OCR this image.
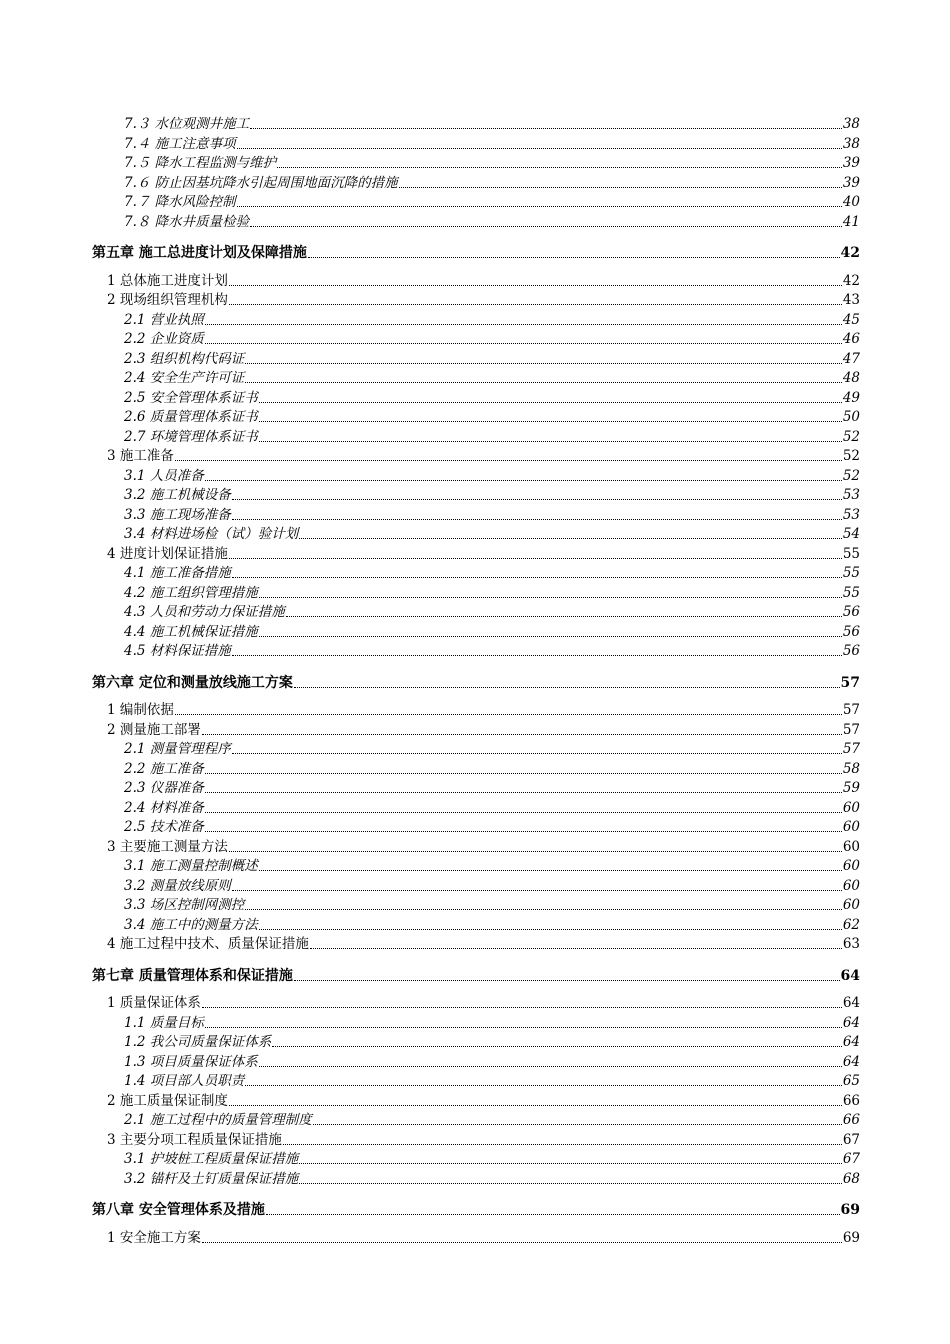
7.３ 水位观测井施工	38
7.４ 施工注意事项	38
7.５ 降水工程监测与维护	39
7.６ 防止因基坑降水引起周围地面沉降的措施	39
7.７ 降水风险控制	40
7.８ 降水井质量检验	41
第五章 施工总进度计划及保障措施	42
1 总体施工进度计划	42
2 现场组织管理机构	43
2.1 营业执照	45
2.2 企业资质	46
2.3 组织机构代码证	47
2.4 安全生产许可证	48
2.5 安全管理体系证书	49
2.6 质量管理体系证书	50
2.7 环境管理体系证书	52
3 施工准备	52
3.1 人员准备	52
3.2 施工机械设备	53
3.3 施工现场准备	53
3.4 材料进场检（试）验计划	54
4 进度计划保证措施	55
4.1 施工准备措施	55
4.2 施工组织管理措施	55
4.3 人员和劳动力保证措施	56
4.4 施工机械保证措施	56
4.5 材料保证措施	56
第六章 定位和测量放线施工方案	57
1 编制依据	57
2 测量施工部署	57
2.1 测量管理程序	57
2.2 施工准备	58
2.3 仪器准备	59
2.4 材料准备	60
2.5 技术准备	60
3 主要施工测量方法	60
3.1 施工测量控制概述	60
3.2 测量放线原则	60
3.3 场区控制网测控	60
3.4 施工中的测量方法	62
4 施工过程中技术、质量保证措施	63
第七章 质量管理体系和保证措施	64
1 质量保证体系	64
1.1 质量目标	64
1.2 我公司质量保证体系	64
1.3 项目质量保证体系	64
1.4 项目部人员职责	65
2 施工质量保证制度	66
2.1 施工过程中的质量管理制度	66
3 主要分项工程质量保证措施	67
3.1 护坡桩工程质量保证措施	67
3.2 锚杆及土钉质量保证措施	68
第八章 安全管理体系及措施	69
1 安全施工方案	69
